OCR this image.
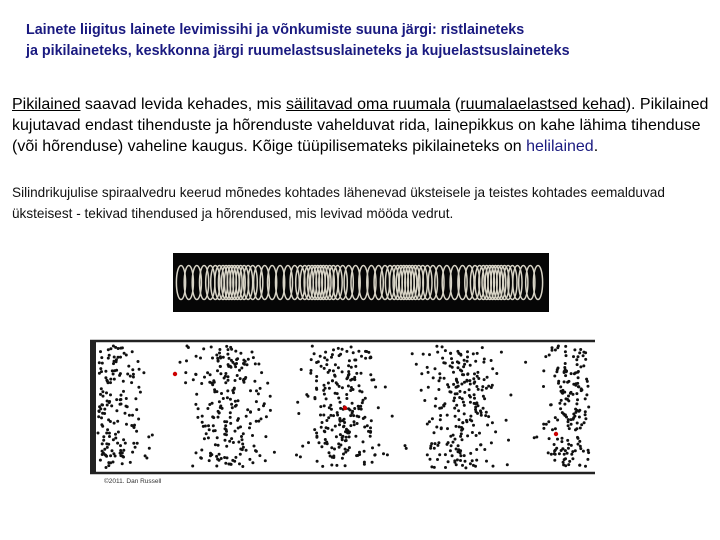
Lainete liigitus lainete levimissihi ja võnkumiste suuna järgi: ristlaineteks
ja pikilaineteks, keskkonna järgi ruumelastsuslaineteks ja kujuelastsuslaineteks
Pikilained saavad levida kehades, mis säilitavad oma ruumala (ruumalaelastsed kehad). Pikilained kujutavad endast tihenduste ja hõrenduste vahelduvat rida, lainepikkus on kahe lähima tihenduse (või hõrenduse) vaheline kaugus. Kõige tüüpilisemateks pikilaineteks on helilained.
Silindrikujulise spiraalvedru keerud mõnedes kohtades lähenevad üksteisele ja teistes kohtades eemalduvad üksteisest - tekivad tihendused ja hõrendused, mis levivad mööda vedrut.
©2011. Dan Russell
